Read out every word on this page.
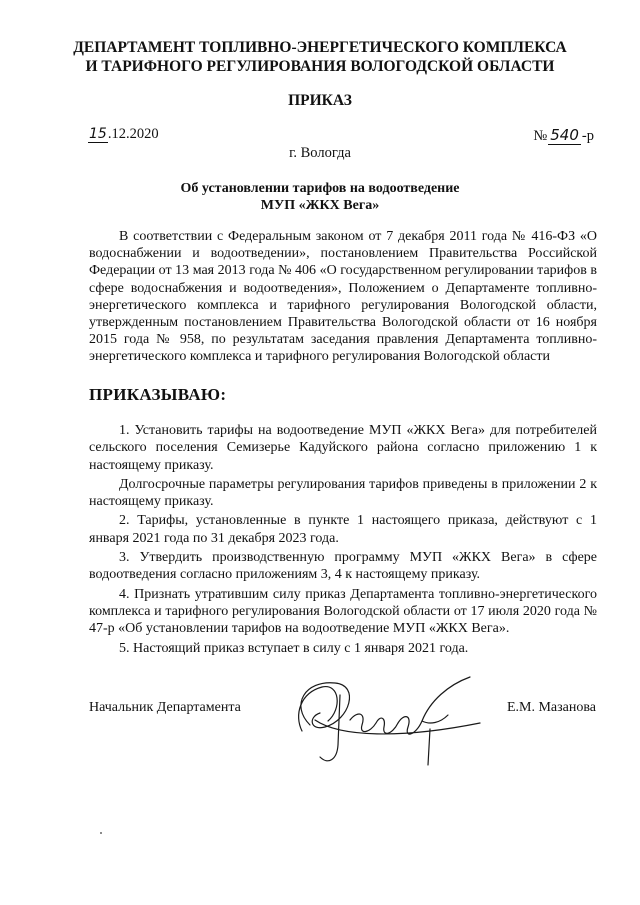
ДЕПАРТАМЕНТ ТОПЛИВНО-ЭНЕРГЕТИЧЕСКОГО КОМПЛЕКСА
И ТАРИФНОГО РЕГУЛИРОВАНИЯ ВОЛОГОДСКОЙ ОБЛАСТИ
ПРИКАЗ
15.12.2020	№ 540 -р
г. Вологда
Об установлении тарифов на водоотведение
МУП «ЖКХ Вега»

В соответствии с Федеральным законом от 7 декабря 2011 года № 416-ФЗ «О водоснабжении и водоотведении», постановлением Правительства Российской Федерации от 13 мая 2013 года № 406 «О государственном регулировании тарифов в сфере водоснабжения и водоотведения», Положением о Департаменте топливно-энергетического комплекса и тарифного регулирования Вологодской области, утвержденным постановлением Правительства Вологодской области от 16 ноября 2015 года № 958, по результатам заседания правления Департамента топливно-энергетического комплекса и тарифного регулирования Вологодской области

ПРИКАЗЫВАЮ:

1. Установить тарифы на водоотведение МУП «ЖКХ Вега» для потребителей сельского поселения Семизерье Кадуйского района согласно приложению 1 к настоящему приказу.

Долгосрочные параметры регулирования тарифов приведены в приложении 2 к настоящему приказу.

2. Тарифы, установленные в пункте 1 настоящего приказа, действуют с 1 января 2021 года по 31 декабря 2023 года.

3. Утвердить производственную программу МУП «ЖКХ Вега» в сфере водоотведения согласно приложениям 3, 4 к настоящему приказу.

4. Признать утратившим силу приказ Департамента топливно-энергетического комплекса и тарифного регулирования Вологодской области от 17 июля 2020 года № 47-р «Об установлении тарифов на водоотведение МУП «ЖКХ Вега».

5. Настоящий приказ вступает в силу с 1 января 2021 года.

Начальник Департамента	Е.М. Мазанова
